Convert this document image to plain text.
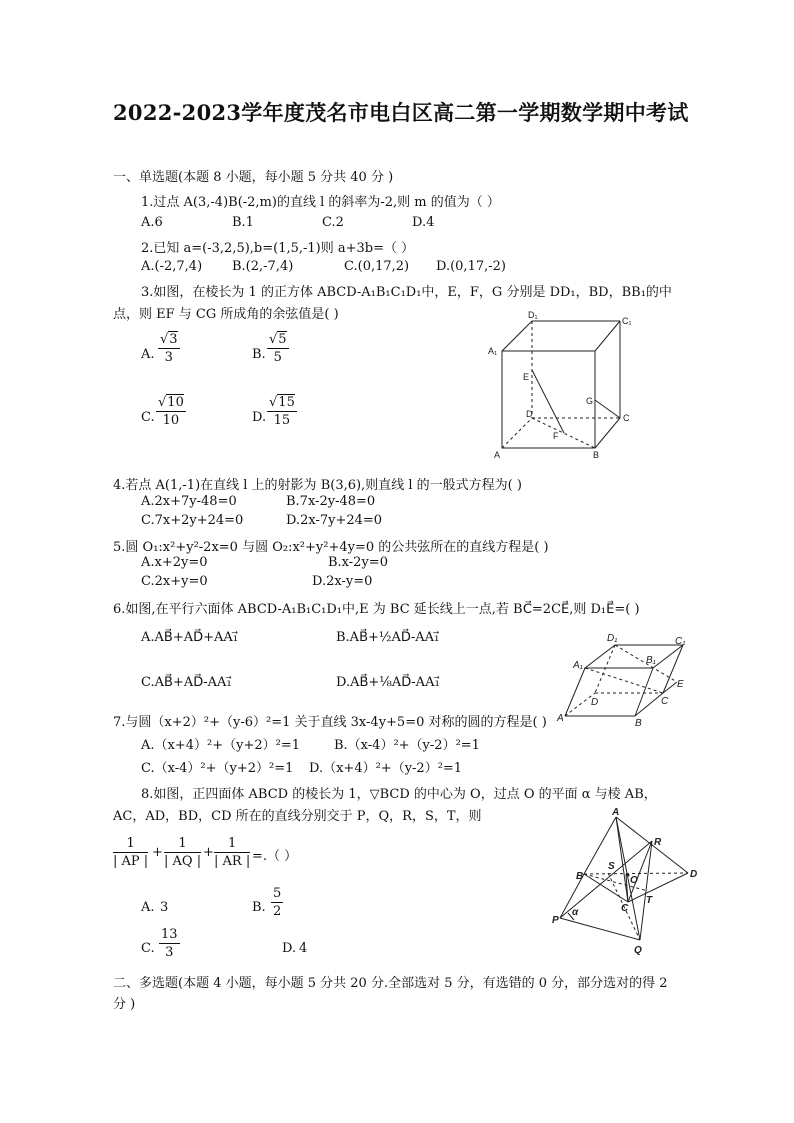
2022-2023学年度茂名市电白区高二第一学期数学期中考试
一、单选题(本题 8 小题，每小题 5 分共 40 分 )
1.过点 A(3,-4)B(-2,m)的直线 l 的斜率为-2,则 m 的值为（ ）
A.6	B.1	C.2	D.4
2.已知 a=(-3,2,5),b=(1,5,-1)则 a+3b=（ ）
A.(-2,7,4) B.(2,-7,4)	C.(0,17,2) D.(0,17,-2)
3.如图，在棱长为 1 的正方体 ABCD-A₁B₁C₁D₁中，E，F，G 分别是 DD₁，BD，BB₁的中
点，则 EF 与 CG 所成角的余弦值是( )
A.
√3
3	B.
√5
5
C.
√10
10	D.
√15
15
D₁
C₁
A₁
E
G
D
F
C
A	B
4.若点 A(1,-1)在直线 l 上的射影为 B(3,6),则直线 l 的一般式方程为( )
A.2x+7y-48=0	B.7x-2y-48=0
C.7x+2y+24=0	D.2x-7y+24=0
5.圆 O₁:x²+y²-2x=0 与圆 O₂:x²+y²+4y=0 的公共弦所在的直线方程是( )
A.x+2y=0	B.x-2y=0
C.2x+y=0	D.2x-y=0
6.如图,在平行六面体 ABCD-A₁B₁C₁D₁中,E 为 BC 延长线上一点,若 BC⃗=2CE⃗,则 D₁E⃗=( )
A.AB⃗+AD⃗+AA₁⃗	B.AB⃗+½AD⃗-AA₁⃗
C.AB⃗+AD⃗-AA₁⃗	D.AB⃗+⅛AD⃗-AA₁⃗
D₁	C₁
A₁	B₁
D	C
E
A	B
7.与圆（x+2）²+（y-6）²=1 关于直线 3x-4y+5=0 对称的圆的方程是( )
A.（x+4）²+（y+2）²=1	B.（x-4）²+（y-2）²=1
C.（x-4）²+（y+2）²=1 D.（x+4）²+（y-2）²=1
8.如图，正四面体 ABCD 的棱长为 1，▽BCD 的中心为 O，过点 O 的平面 α 与棱 AB，
AC，AD，BD，CD 所在的直线分别交于 P，Q，R，S，T，则
1
| AP |
+
1
| AQ |
+
1
| AR | =.（ ）
A. 3	B.
5
2
C.
13
3	D. 4
A
R
B
S
O
D
C
T
P
α
Q
二、多选题(本题 4 小题，每小题 5 分共 20 分.全部选对 5 分，有选错的 0 分，部分选对的得 2
分 )
